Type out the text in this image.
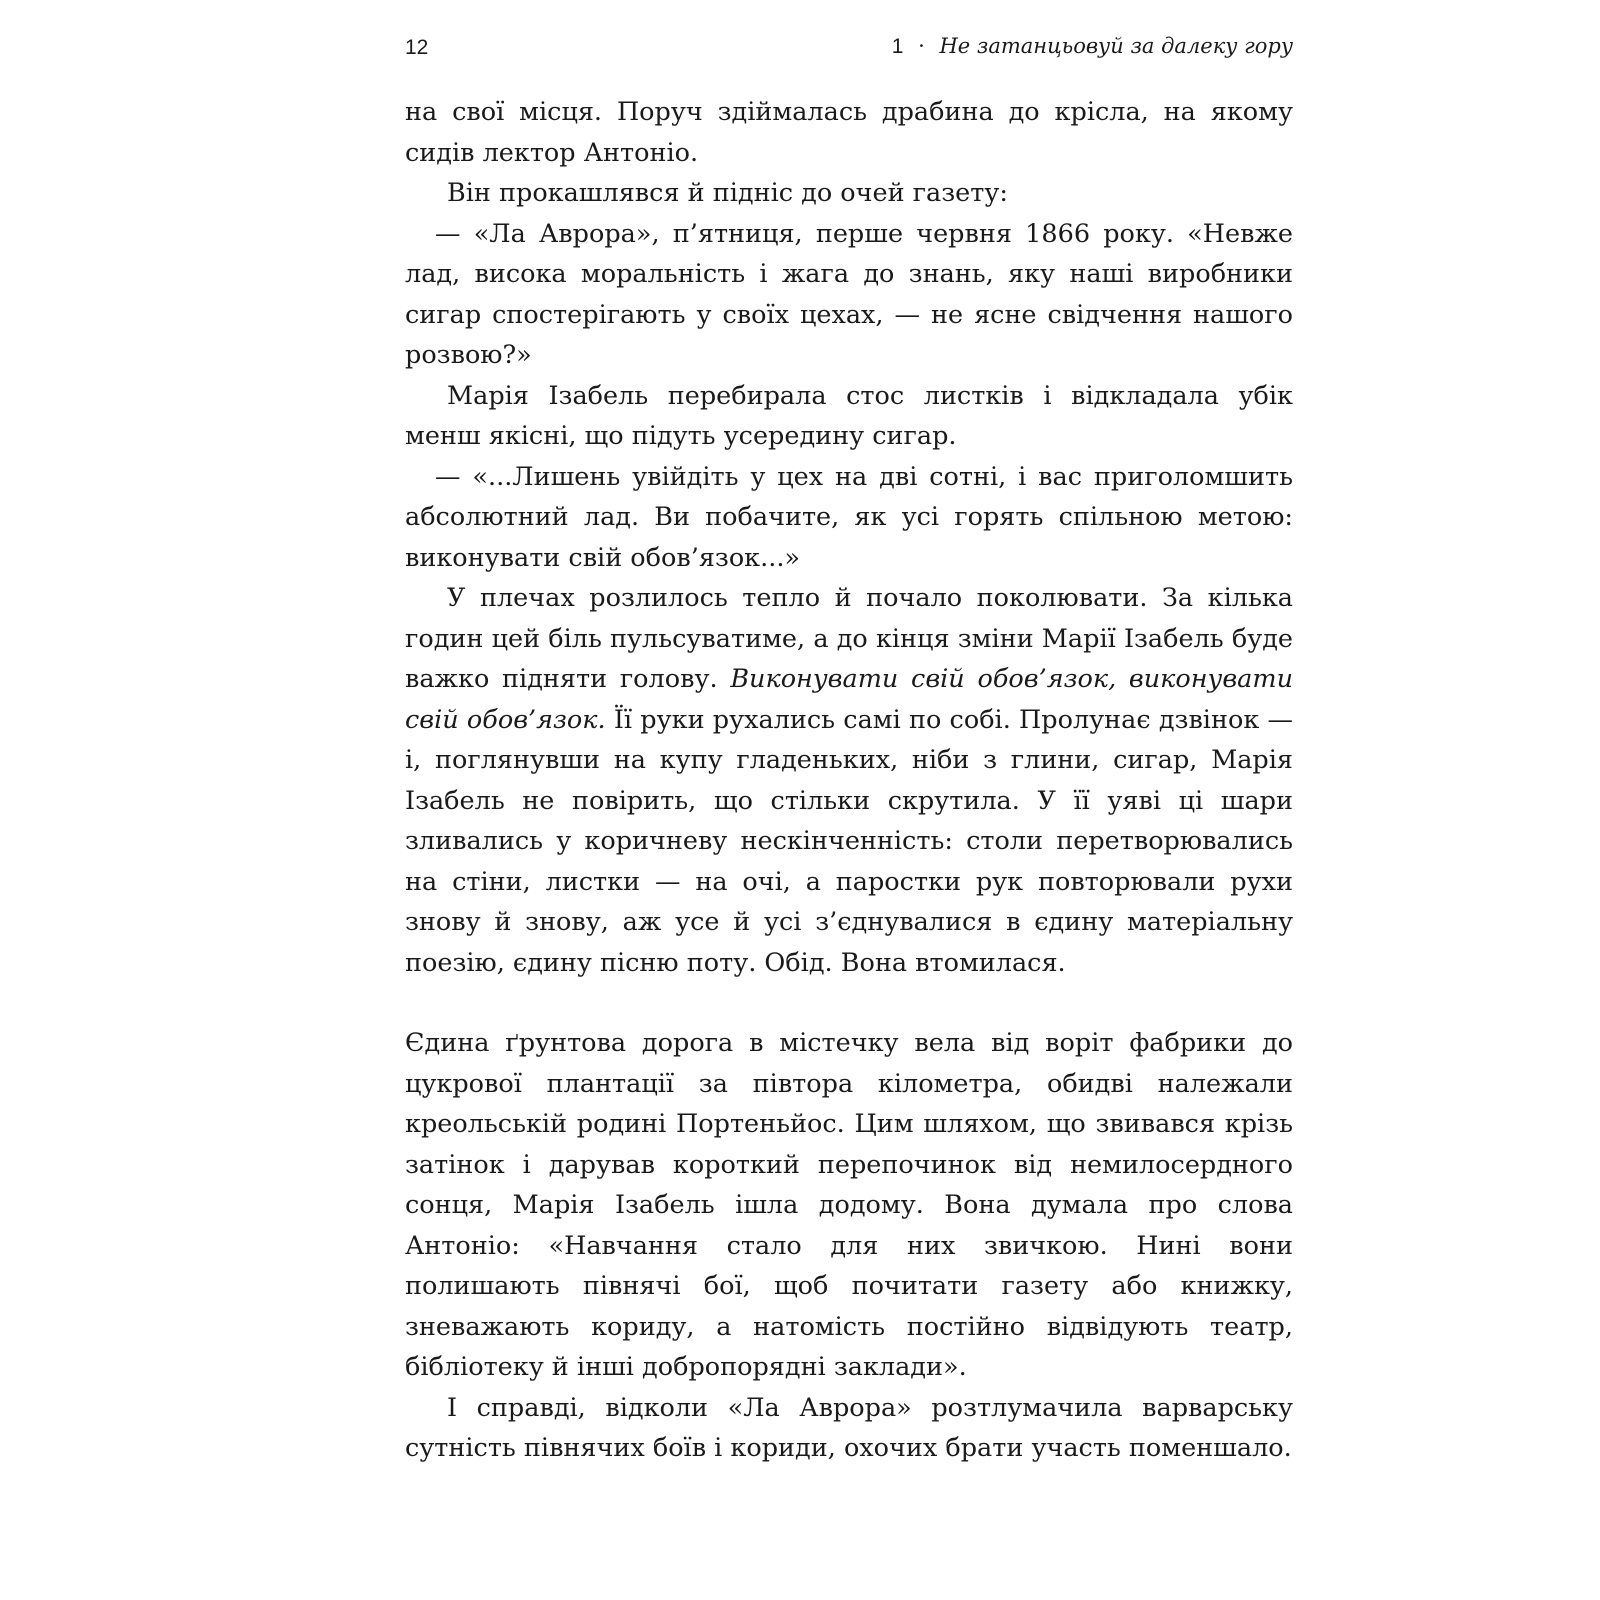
12	1 · Не затанцьовуй за далеку гору

на свої місця. Поруч здіймалась драбина до крісла, на якому сидів лектор Антоніо.

Він прокашлявся й підніс до очей газету:

— «Ла Аврора», п’ятниця, перше червня 1866 року. «Невже лад, висока моральність і жага до знань, яку наші виробники сигар спостерігають у своїх цехах, — не ясне свідчення нашого розвою?»

Марія Ізабель перебирала стос листків і відкладала убік менш якісні, що підуть усередину сигар.

— «...Лишень увійдіть у цех на дві сотні, і вас приголомшить абсолютний лад. Ви побачите, як усі горять спільною метою: виконувати свій обов’язок...»

У плечах розлилось тепло й почало поколювати. За кілька годин цей біль пульсуватиме, а до кінця зміни Марії Ізабель буде важко підняти голову. Виконувати свій обов’язок, виконувати свій обов’язок. Її руки рухались самі по собі. Пролунає дзвінок — і, поглянувши на купу гладеньких, ніби з глини, сигар, Марія Ізабель не повірить, що стільки скрутила. У її уяві ці шари зливались у коричневу нескінченність: столи перетворювались на стіни, листки — на очі, а паростки рук повторювали рухи знову й знову, аж усе й усі з’єднувалися в єдину матеріальну поезію, єдину пісню поту. Обід. Вона втомилася.

Єдина ґрунтова дорога в містечку вела від воріт фабрики до цукрової плантації за півтора кілометра, обидві належали креольській родині Портеньйос. Цим шляхом, що звивався крізь затінок і дарував короткий перепочинок від немилосердного сонця, Марія Ізабель ішла додому. Вона думала про слова Антоніо: «Навчання стало для них звичкою. Нині вони полишають півнячі бої, щоб почитати газету або книжку, зневажають кориду, а натомість постійно відвідують театр, бібліотеку й інші добропорядні заклади».

І справді, відколи «Ла Аврора» розтлумачила варварську сутність півнячих боїв і кориди, охочих брати участь поменшало.
